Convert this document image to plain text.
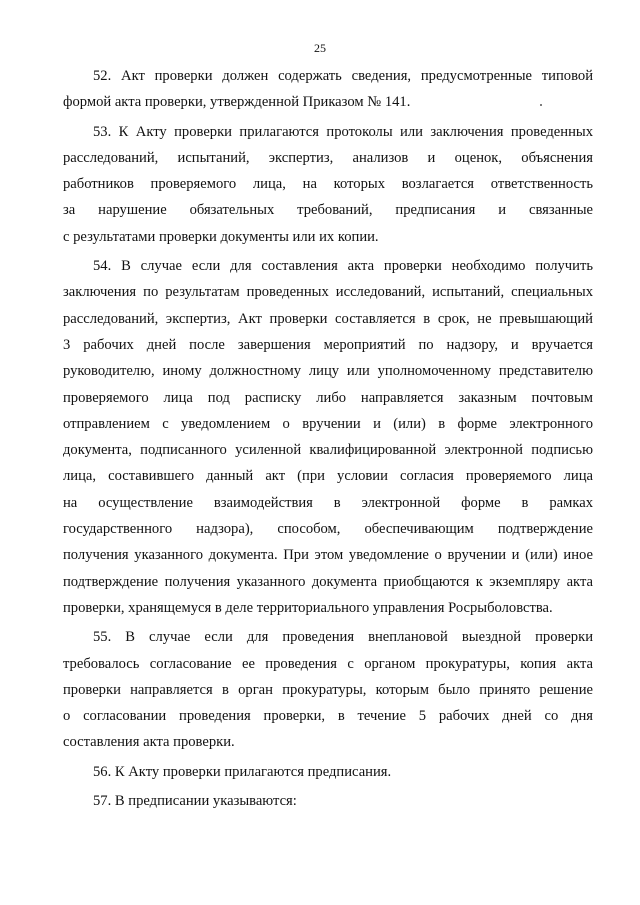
25
52. Акт проверки должен содержать сведения, предусмотренные типовой
формой акта проверки, утвержденной Приказом № 141.
53. К Акту проверки прилагаются протоколы или заключения проведенных
расследований, испытаний, экспертиз, анализов и оценок, объяснения
работников проверяемого лица, на которых возлагается ответственность
за нарушение обязательных требований, предписания и связанные
с результатами проверки документы или их копии.
54. В случае если для составления акта проверки необходимо получить
заключения по результатам проведенных исследований, испытаний, специальных
расследований, экспертиз, Акт проверки составляется в срок, не превышающий
3 рабочих дней после завершения мероприятий по надзору, и вручается
руководителю, иному должностному лицу или уполномоченному представителю
проверяемого лица под расписку либо направляется заказным почтовым
отправлением с уведомлением о вручении и (или) в форме электронного
документа, подписанного усиленной квалифицированной электронной подписью
лица, составившего данный акт (при условии согласия проверяемого лица
на осуществление взаимодействия в электронной форме в рамках
государственного надзора), способом, обеспечивающим подтверждение
получения указанного документа. При этом уведомление о вручении и (или) иное
подтверждение получения указанного документа приобщаются к экземпляру акта
проверки, хранящемуся в деле территориального управления Росрыболовства.
55. В случае если для проведения внеплановой выездной проверки
требовалось согласование ее проведения с органом прокуратуры, копия акта
проверки направляется в орган прокуратуры, которым было принято решение
о согласовании проведения проверки, в течение 5 рабочих дней со дня
составления акта проверки.
56. К Акту проверки прилагаются предписания.
57. В предписании указываются:
